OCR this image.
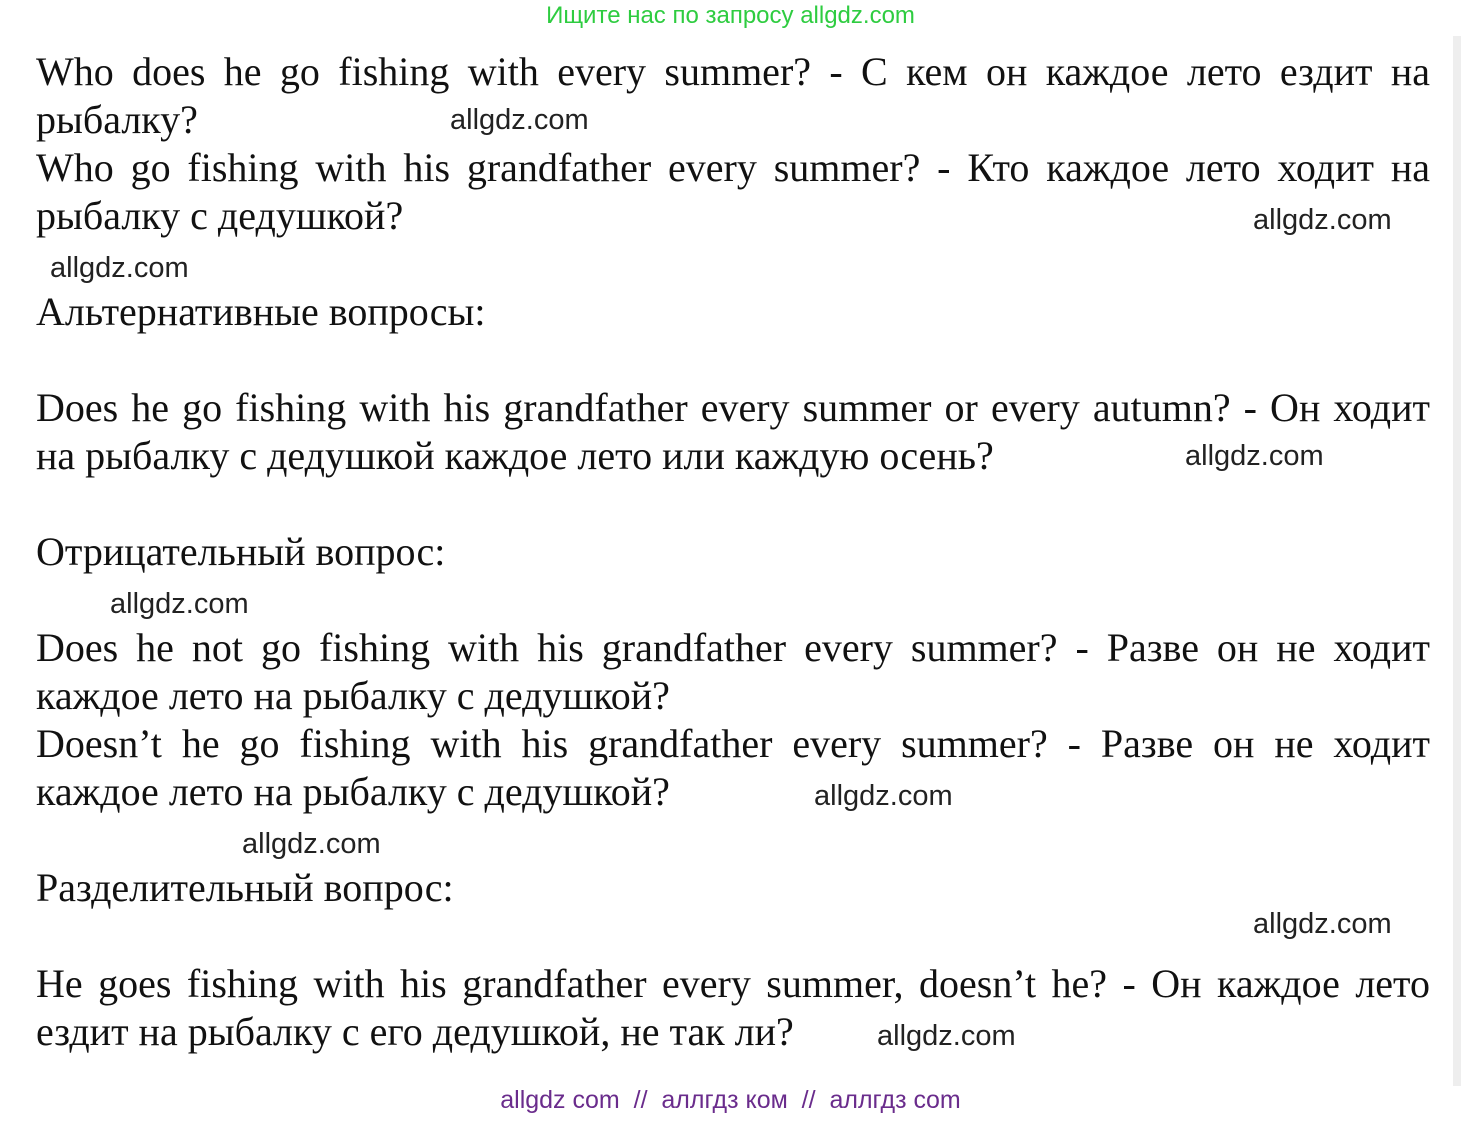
Ищите нас по запросу allgdz.com

Who does he go fishing with every summer? - С кем он каждое лето ездит на рыбалку?

Who go fishing with his grandfather every summer? - Кто каждое лето ходит на рыбалку с дедушкой?

Альтернативные вопросы:

Does he go fishing with his grandfather every summer or every autumn? - Он ходит на рыбалку с дедушкой каждое лето или каждую осень?

Отрицательный вопрос:

Does he not go fishing with his grandfather every summer? - Разве он не ходит каждое лето на рыбалку с дедушкой?

Doesn’t he go fishing with his grandfather every summer? - Разве он не ходит каждое лето на рыбалку с дедушкой?

Разделительный вопрос:

He goes fishing with his grandfather every summer, doesn’t he? - Он каждое лето ездит на рыбалку с его дедушкой, не так ли?

allgdz.com
allgdz.com
allgdz.com
allgdz.com
allgdz.com
allgdz.com
allgdz.com
allgdz.com
allgdz.com
allgdz com  //  аллгдз ком  //  аллгдз com
